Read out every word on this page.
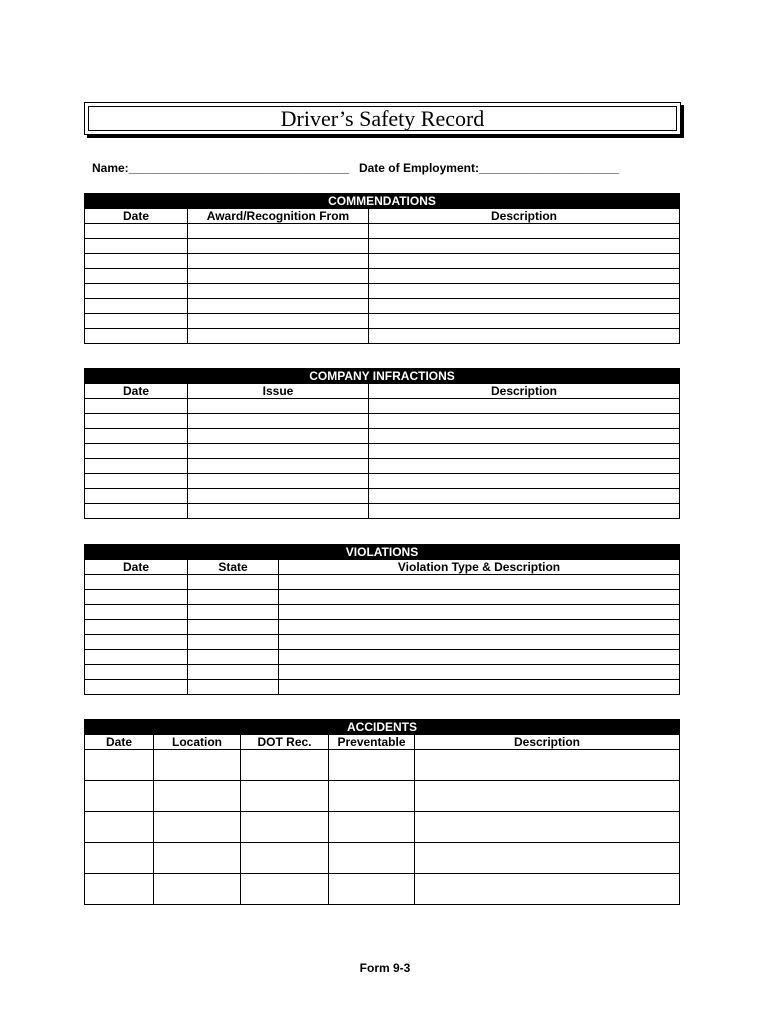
Driver’s Safety Record
Name:_________________________________ Date of Employment:_____________________
COMMENDATIONS		
Date	Award/Recognition From	Description

COMPANY INFRACTIONS		
Date	Issue	Description

VIOLATIONS		
Date	State	Violation Type & Description

ACCIDENTS				
Date	Location	DOT Rec.	Preventable	Description

Form 9-3
